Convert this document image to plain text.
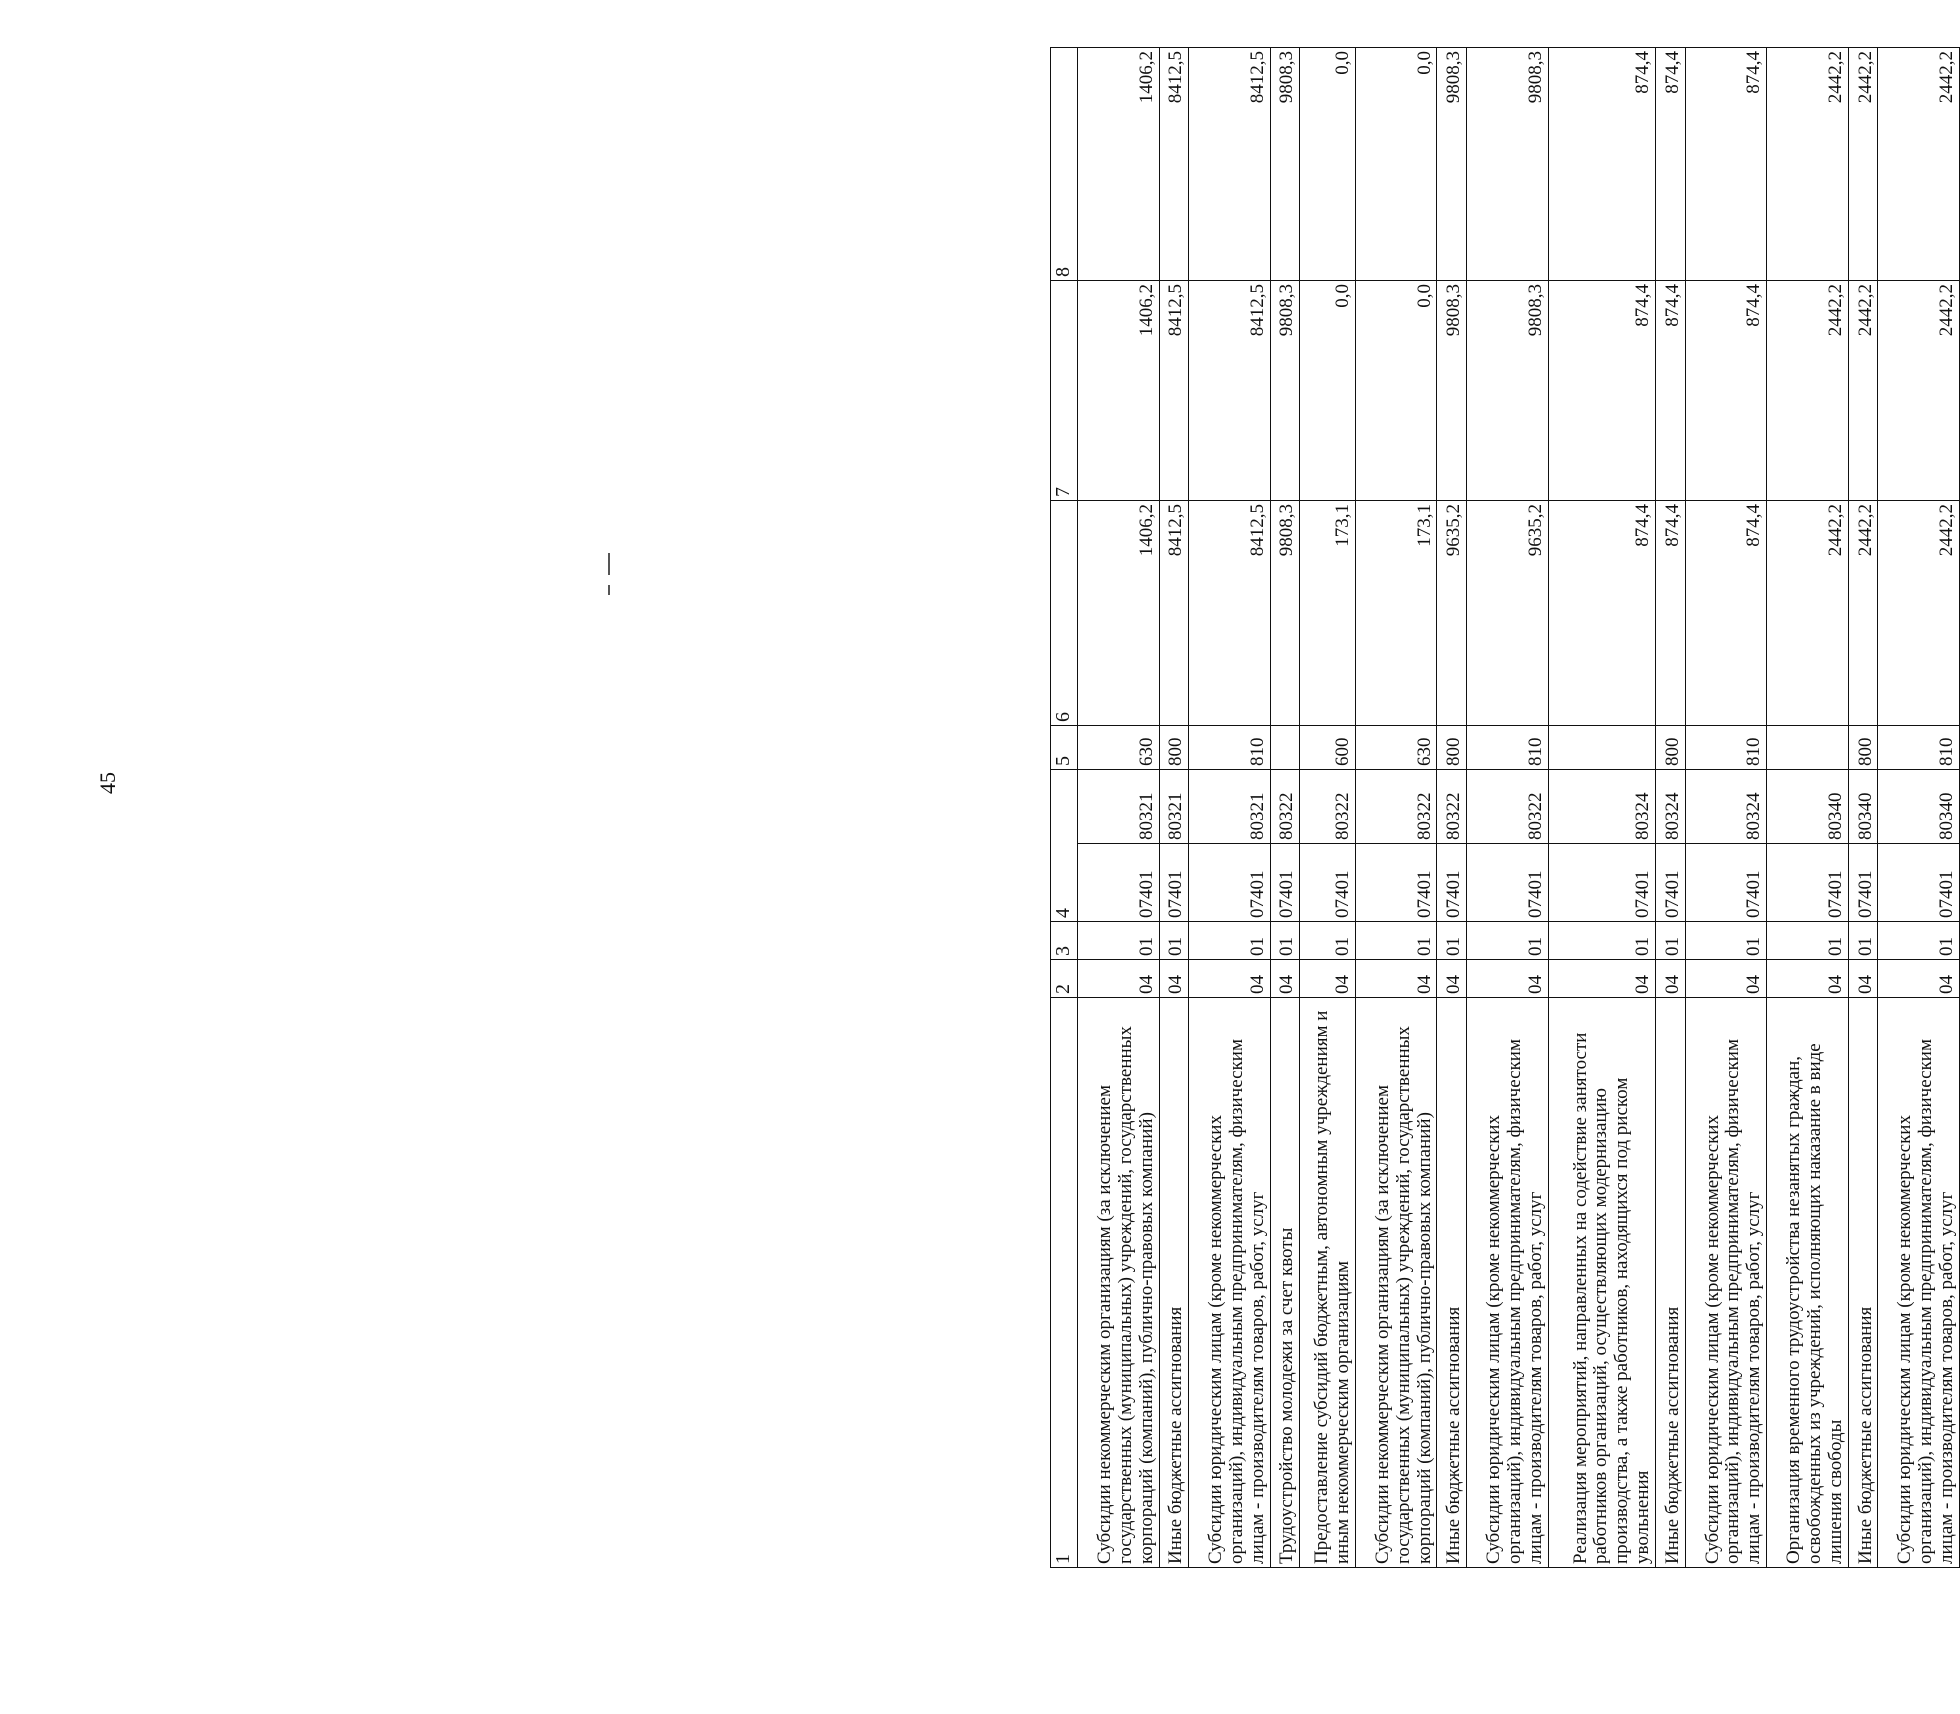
45
1	2	3	4		5	6	7	8
Субсидии некоммерческим организациям (за исключением государственных (муниципальных) учреждений, государственных корпораций (компаний), публично-правовых компаний)	04	01	07401	80321	630	1406,2	1406,2	1406,2
Иные бюджетные ассигнования	04	01	07401	80321	800	8412,5	8412,5	8412,5
Субсидии юридическим лицам (кроме некоммерческих организаций), индивидуальным предпринимателям, физическим лицам - производителям товаров, работ, услуг	04	01	07401	80321	810	8412,5	8412,5	8412,5
Трудоустройство молодежи за счет квоты	04	01	07401	80322		9808,3	9808,3	9808,3
Предоставление субсидий бюджетным, автономным учреждениям и иным некоммерческим организациям	04	01	07401	80322	600	173,1	0,0	0,0
Субсидии некоммерческим организациям (за исключением государственных (муниципальных) учреждений, государственных корпораций (компаний), публично-правовых компаний)	04	01	07401	80322	630	173,1	0,0	0,0
Иные бюджетные ассигнования	04	01	07401	80322	800	9635,2	9808,3	9808,3
Субсидии юридическим лицам (кроме некоммерческих организаций), индивидуальным предпринимателям, физическим лицам - производителям товаров, работ, услуг	04	01	07401	80322	810	9635,2	9808,3	9808,3
Реализация мероприятий, направленных на содействие занятости работников организаций, осуществляющих модернизацию производства, а также работников, находящихся под риском увольнения	04	01	07401	80324		874,4	874,4	874,4
Иные бюджетные ассигнования	04	01	07401	80324	800	874,4	874,4	874,4
Субсидии юридическим лицам (кроме некоммерческих организаций), индивидуальным предпринимателям, физическим лицам - производителям товаров, работ, услуг	04	01	07401	80324	810	874,4	874,4	874,4
Организация временного трудоустройства незанятых граждан, освобожденных из учреждений, исполняющих наказание в виде лишения свободы	04	01	07401	80340		2442,2	2442,2	2442,2
Иные бюджетные ассигнования	04	01	07401	80340	800	2442,2	2442,2	2442,2
Субсидии юридическим лицам (кроме некоммерческих организаций), индивидуальным предпринимателям, физическим лицам - производителям товаров, работ, услуг	04	01	07401	80340	810	2442,2	2442,2	2442,2
